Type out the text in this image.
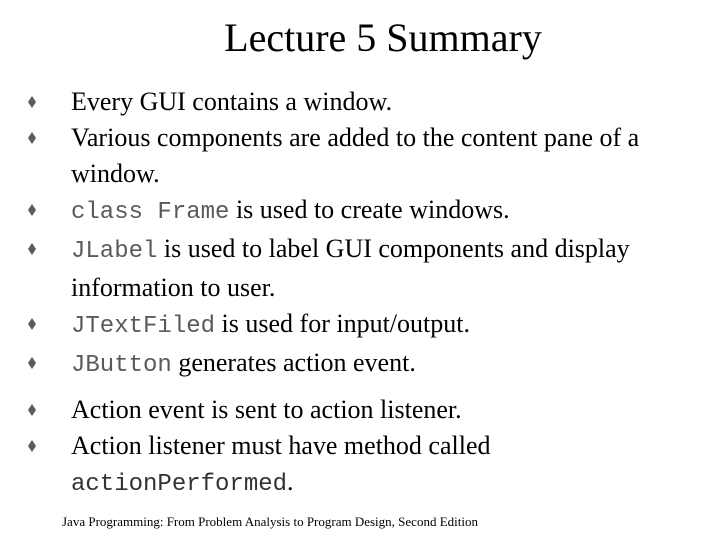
Lecture 5 Summary
Every GUI contains a window.
Various components are added to the content pane of a
window.
class Frame is used to create windows.
JLabel is used to label GUI components and display
information to user.
JTextFiled is used for input/output.
JButton generates action event.
Action event is sent to action listener.
Action listener must have method called
actionPerformed.
Java Programming: From Problem Analysis to Program Design, Second Edition
